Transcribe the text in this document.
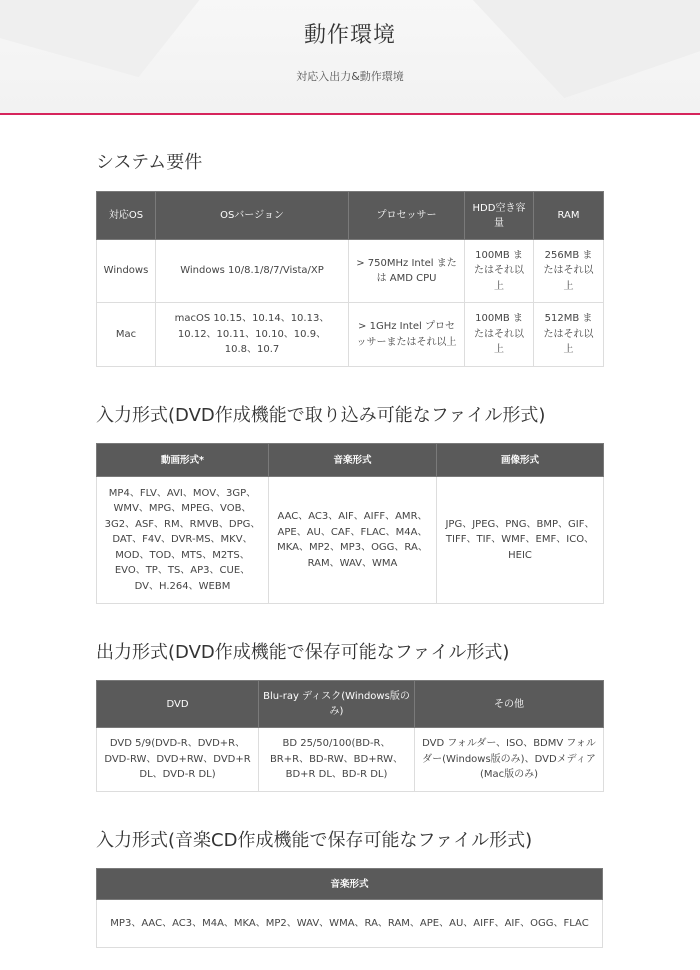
動作環境
対応入出力&動作環境
システム要件
対応OS	OSバージョン	プロセッサー	HDD空き容量	RAM
Windows	Windows 10/8.1/8/7/Vista/XP	> 750MHz Intel または AMD CPU	100MB またはそれ以上	256MB またはそれ以上
Mac	macOS 10.15、10.14、10.13、10.12、10.11、10.10、10.9、10.8、10.7	> 1GHz Intel プロセッサーまたはそれ以上	100MB またはそれ以上	512MB またはそれ以上
入力形式(DVD作成機能で取り込み可能なファイル形式)
動画形式*	音楽形式	画像形式
MP4、FLV、AVI、MOV、3GP、WMV、MPG、MPEG、VOB、3G2、ASF、RM、RMVB、DPG、DAT、F4V、DVR-MS、MKV、MOD、TOD、MTS、M2TS、EVO、TP、TS、AP3、CUE、DV、H.264、WEBM	AAC、AC3、AIF、AIFF、AMR、APE、AU、CAF、FLAC、M4A、MKA、MP2、MP3、OGG、RA、RAM、WAV、WMA	JPG、JPEG、PNG、BMP、GIF、TIFF、TIF、WMF、EMF、ICO、HEIC
出力形式(DVD作成機能で保存可能なファイル形式)
DVD	Blu-ray ディスク(Windows版のみ)	その他
DVD 5/9(DVD-R、DVD+R、DVD-RW、DVD+RW、DVD+R DL、DVD-R DL)	BD 25/50/100(BD-R、BR+R、BD-RW、BD+RW、BD+R DL、BD-R DL)	DVD フォルダー、ISO、BDMV フォルダー(Windows版のみ)、DVDメディア(Mac版のみ)
入力形式(音楽CD作成機能で保存可能なファイル形式)
音楽形式
MP3、AAC、AC3、M4A、MKA、MP2、WAV、WMA、RA、RAM、APE、AU、AIFF、AIF、OGG、FLAC
